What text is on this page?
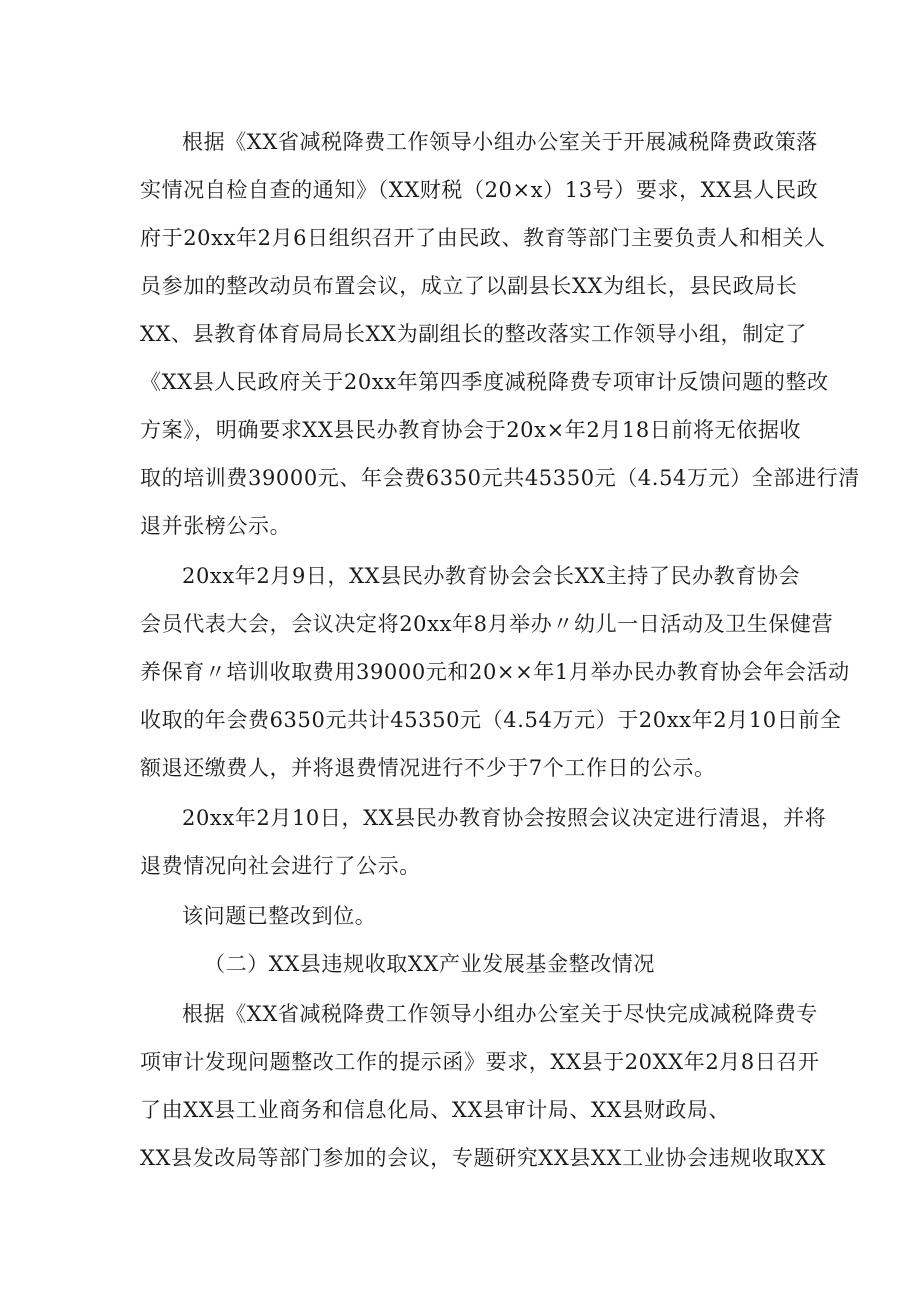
根据《XX省减税降费工作领导小组办公室关于开展减税降费政策落
实情况自检自查的通知》（XX财税（20×x）13号）要求，XX县人民政
府于20xx年2月6日组织召开了由民政、教育等部门主要负责人和相关人
员参加的整改动员布置会议，成立了以副县长XX为组长，县民政局长
XX、县教育体育局局长XX为副组长的整改落实工作领导小组，制定了
《XX县人民政府关于20xx年第四季度减税降费专项审计反馈问题的整改
方案》，明确要求XX县民办教育协会于20x×年2月18日前将无依据收
取的培训费39000元、年会费6350元共45350元（4.54万元）全部进行清
退并张榜公示。
20xx年2月9日，XX县民办教育协会会长XX主持了民办教育协会
会员代表大会，会议决定将20xx年8月举办〃幼儿一日活动及卫生保健营
养保育〃培训收取费用39000元和20××年1月举办民办教育协会年会活动
收取的年会费6350元共计45350元（4.54万元）于20xx年2月10日前全
额退还缴费人，并将退费情况进行不少于7个工作日的公示。
20xx年2月10日，XX县民办教育协会按照会议决定进行清退，并将
退费情况向社会进行了公示。
该问题已整改到位。
（二）XX县违规收取XX产业发展基金整改情况
根据《XX省减税降费工作领导小组办公室关于尽快完成减税降费专
项审计发现问题整改工作的提示函》要求，XX县于20XX年2月8日召开
了由XX县工业商务和信息化局、XX县审计局、XX县财政局、
XX县发改局等部门参加的会议，专题研究XX县XX工业协会违规收取XX
